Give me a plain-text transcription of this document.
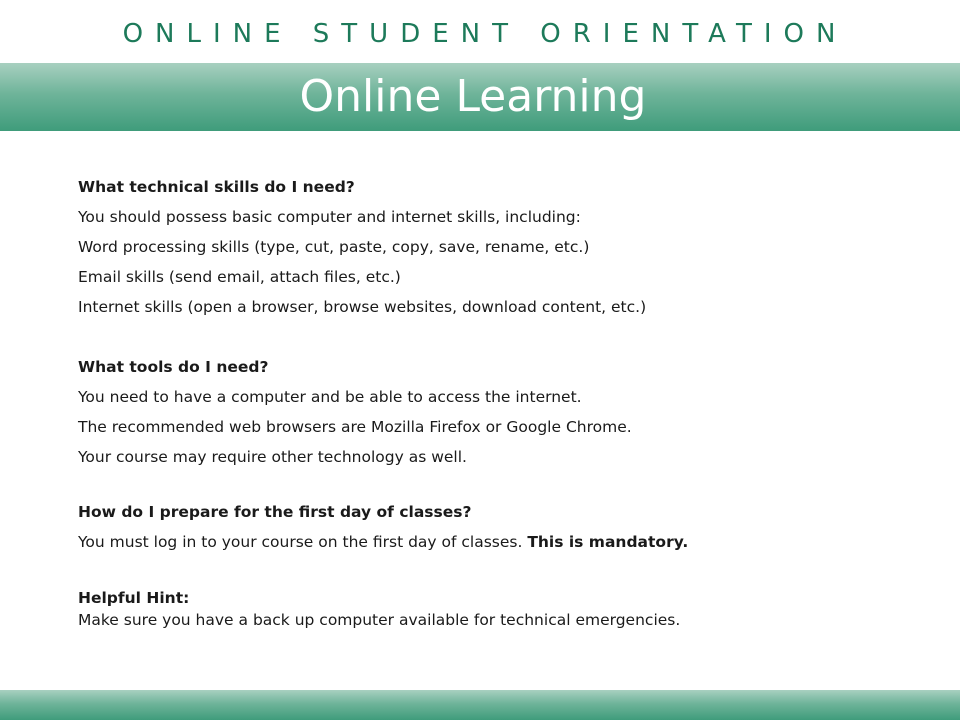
ONLINE STUDENT ORIENTATION
Online Learning
What technical skills do I need?
You should possess basic computer and internet skills, including:
Word processing skills (type, cut, paste, copy, save, rename, etc.)
Email skills (send email, attach files, etc.)
Internet skills (open a browser, browse websites, download content, etc.)
What tools do I need?
You need to have a computer and be able to access the internet.
The recommended web browsers are Mozilla Firefox or Google Chrome.
Your course may require other technology as well.
How do I prepare for the first day of classes?
You must log in to your course on the first day of classes. This is mandatory.
Helpful Hint:
Make sure you have a back up computer available for technical emergencies.
